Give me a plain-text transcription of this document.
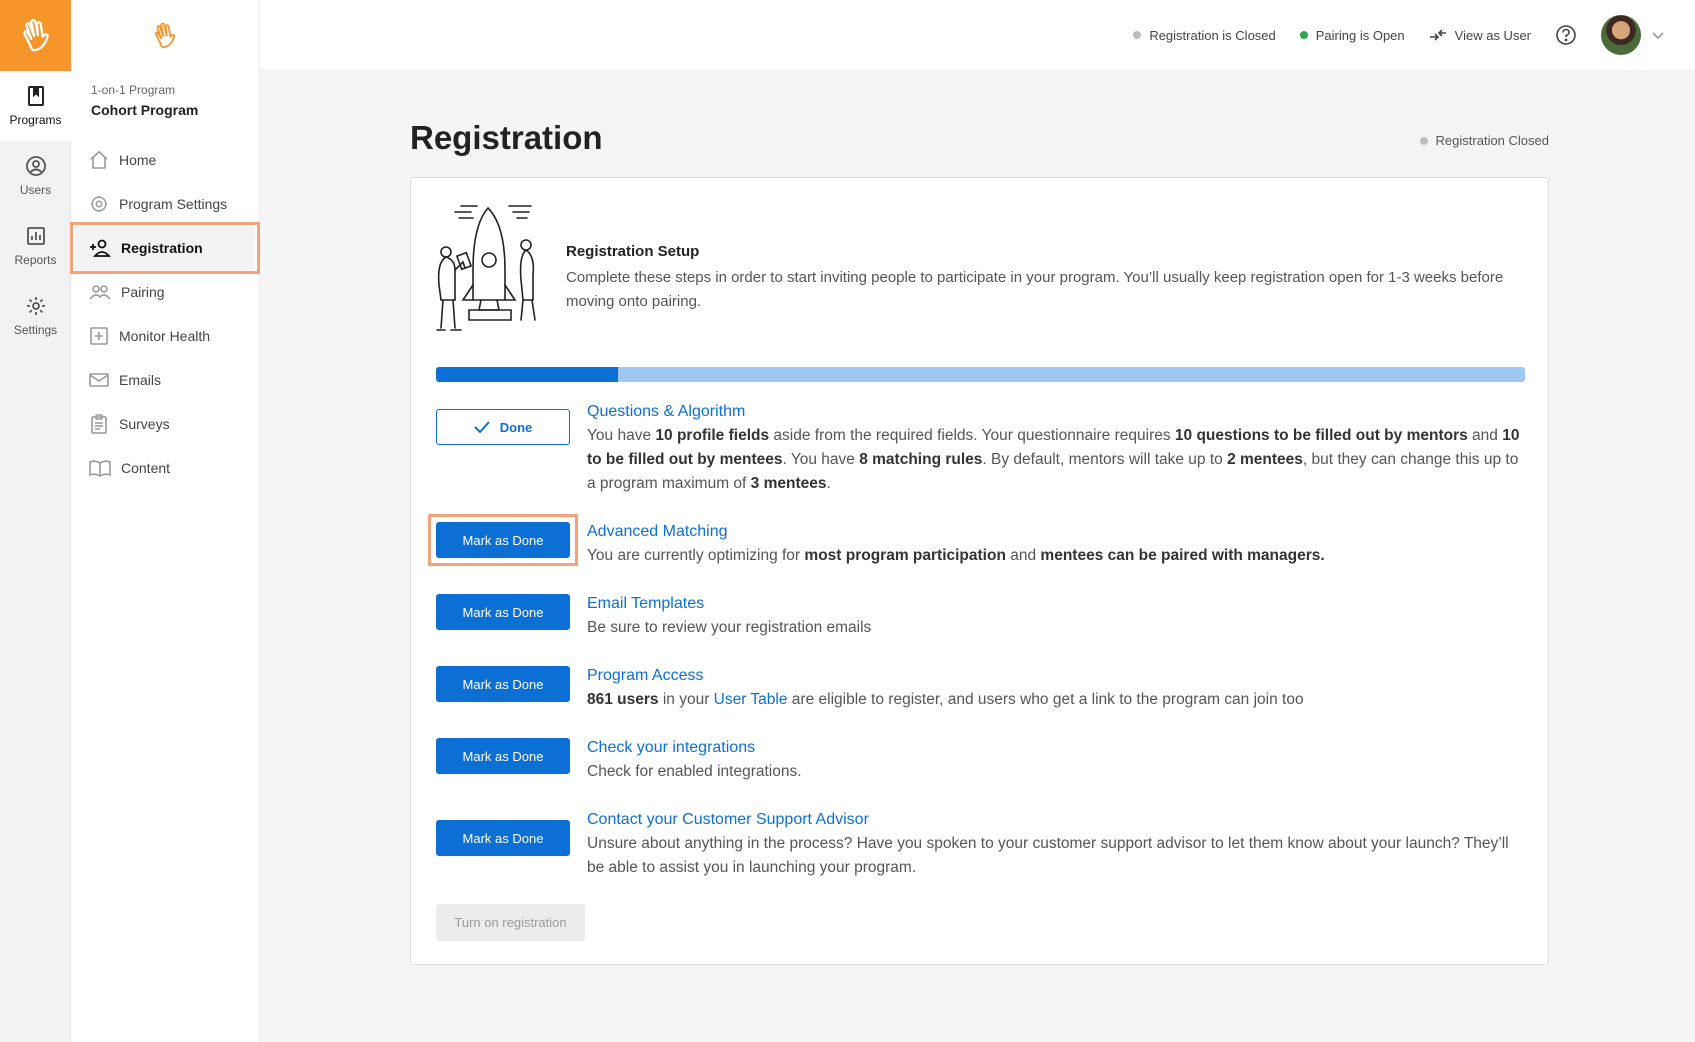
Programs
Users
Reports
Settings
1-on-1 Program
Cohort Program
Home
Program Settings
Registration
Pairing
Monitor Health
Emails
Surveys
Content
Registration is Closed	Pairing is Open	View as User
Registration	Registration Closed
Registration Setup
Complete these steps in order to start inviting people to participate in your program. You’ll usually keep registration open for 1-3 weeks before moving onto pairing.
Done
Questions & Algorithm
You have 10 profile fields aside from the required fields. Your questionnaire requires 10 questions to be filled out by mentors and 10 to be filled out by mentees. You have 8 matching rules. By default, mentors will take up to 2 mentees, but they can change this up to a program maximum of 3 mentees.
Mark as Done	Advanced Matching
You are currently optimizing for most program participation and mentees can be paired with managers.
Mark as Done	Email Templates
Be sure to review your registration emails
Mark as Done	Program Access
861 users in your User Table are eligible to register, and users who get a link to the program can join too
Mark as Done	Check your integrations
Check for enabled integrations.
Mark as Done
Contact your Customer Support Advisor
Unsure about anything in the process? Have you spoken to your customer support advisor to let them know about your launch? They’ll be able to assist you in launching your program.
Turn on registration
